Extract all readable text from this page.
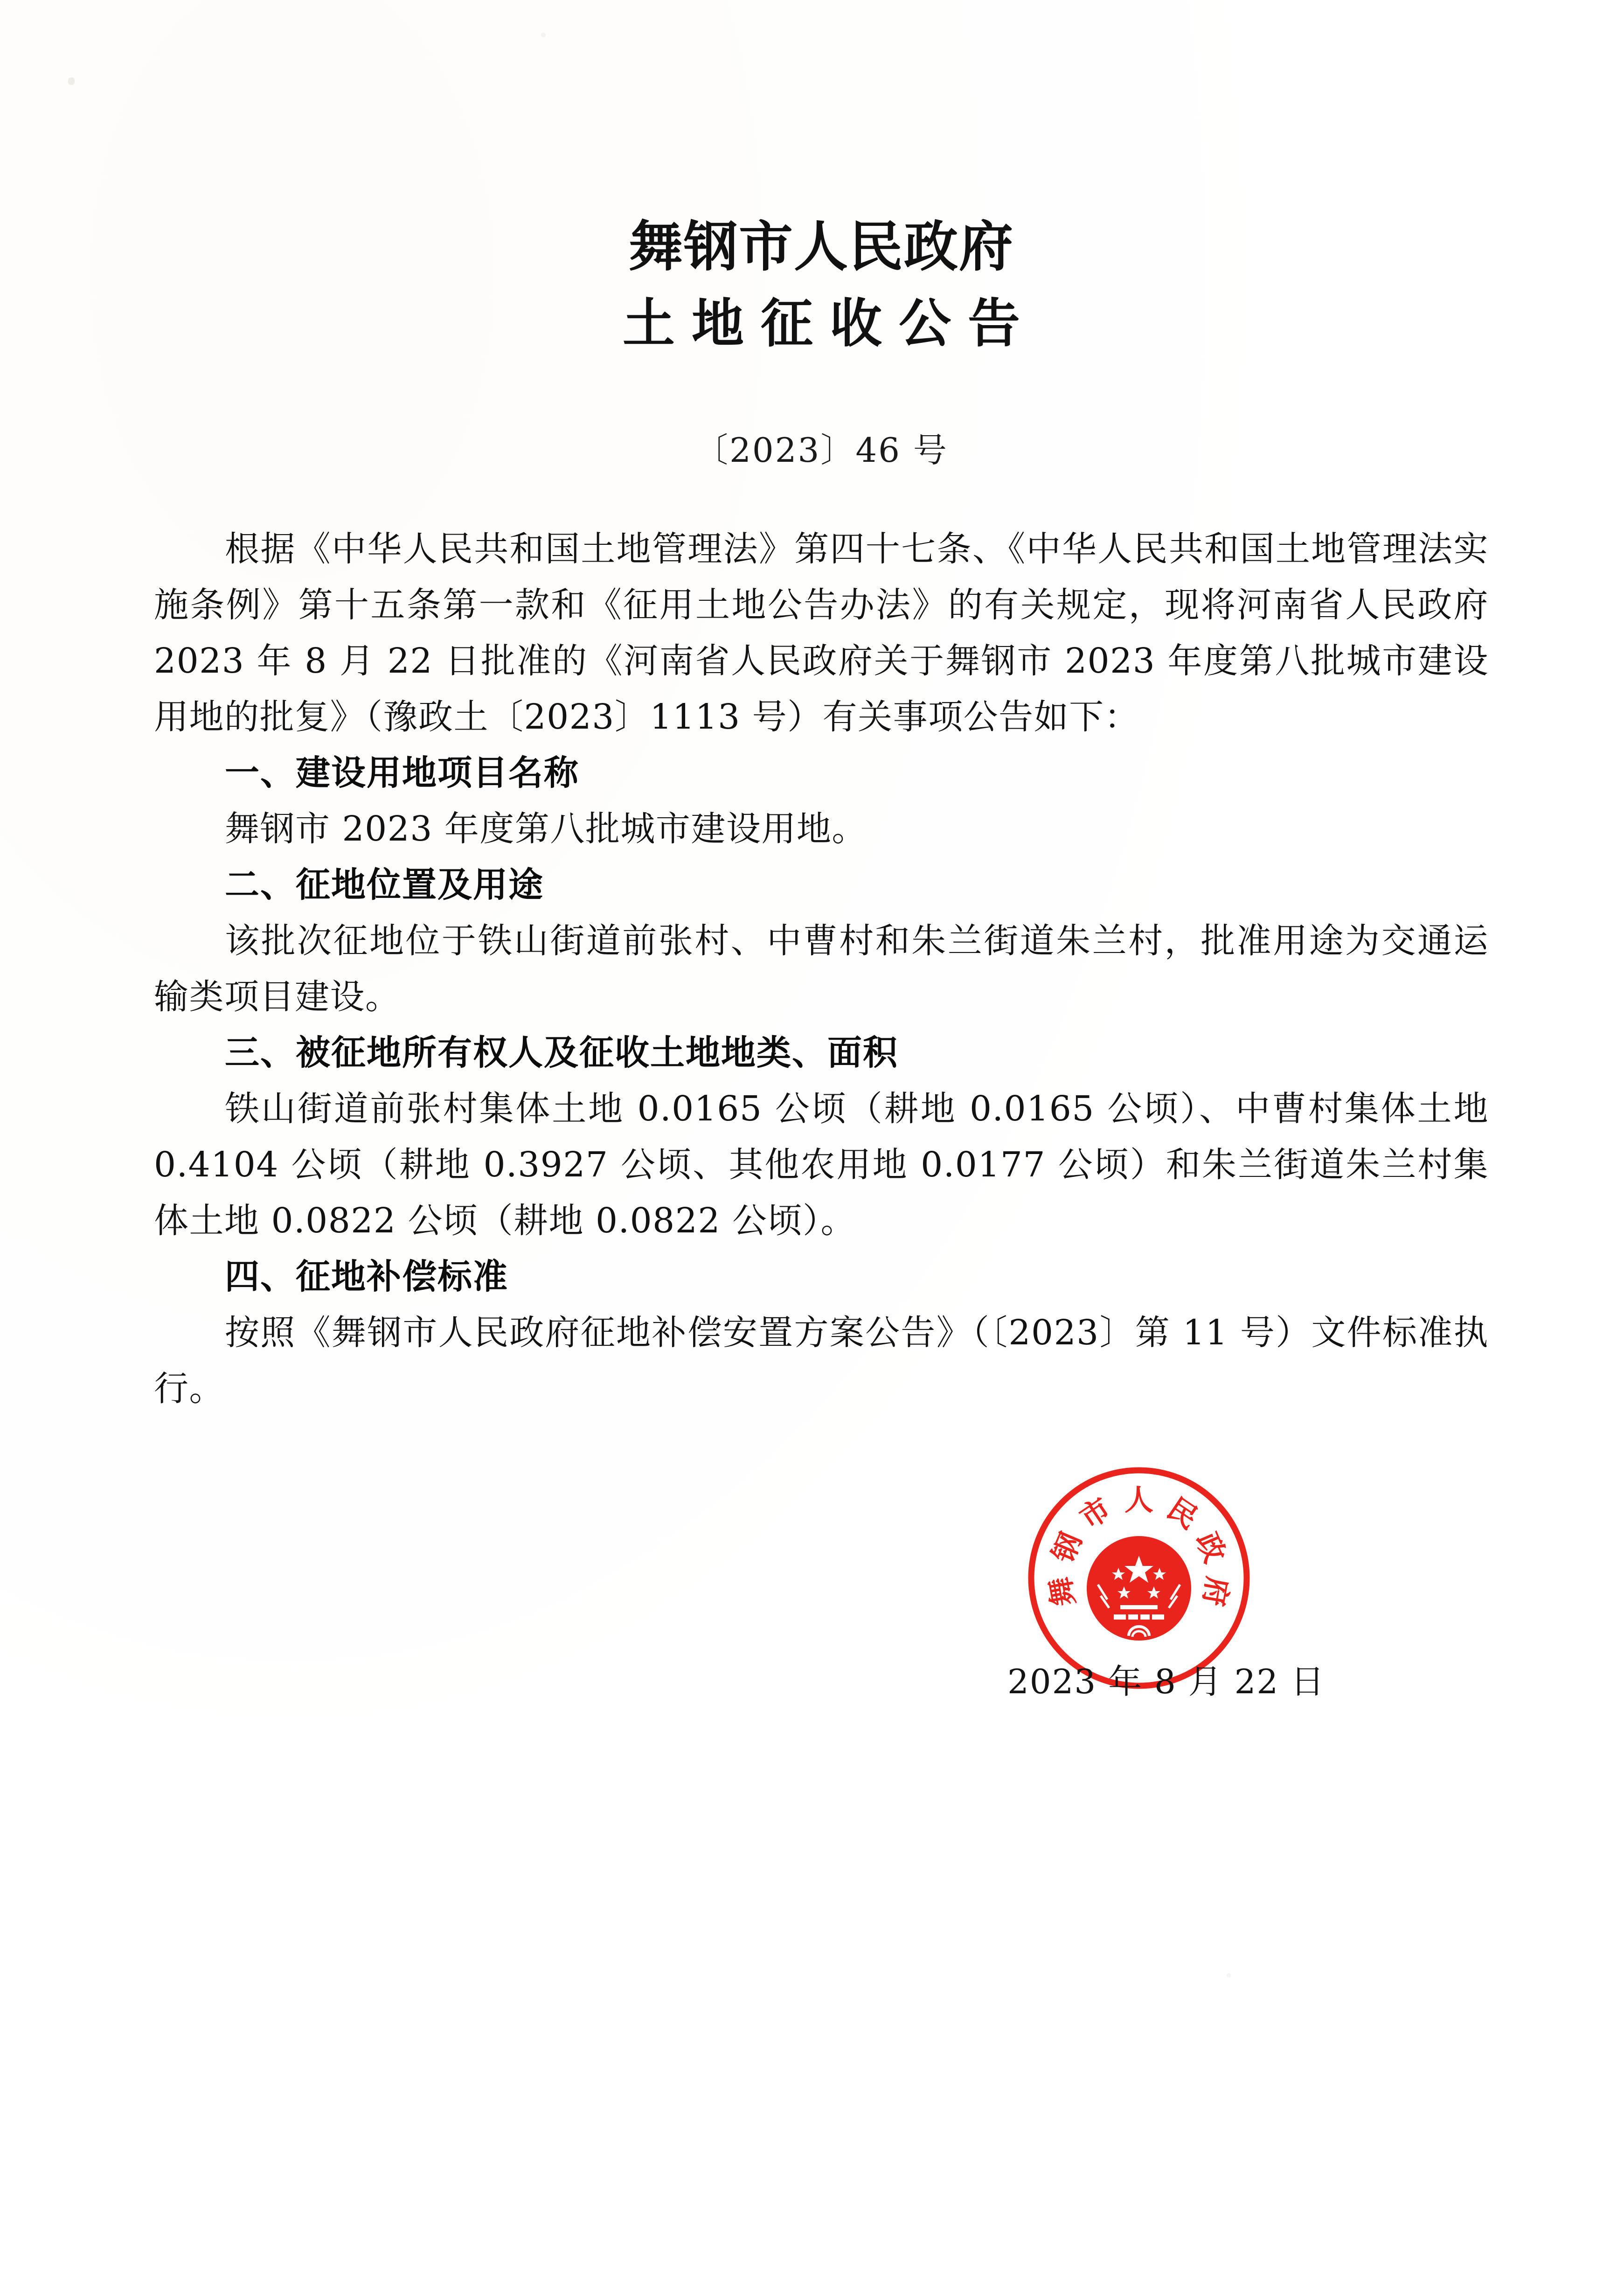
舞钢市人民政府
土地征收公告
〔2023〕46 号

根据《中华人民共和国土地管理法》第四十七条、《中华人民共和国土地管理法实施条例》第十五条第一款和《征用土地公告办法》的有关规定，现将河南省人民政府 2023 年 8 月 22 日批准的《河南省人民政府关于舞钢市 2023 年度第八批城市建设用地的批复》（豫政土〔2023〕1113 号）有关事项公告如下：

一、建设用地项目名称

舞钢市 2023 年度第八批城市建设用地。

二、征地位置及用途

该批次征地位于铁山街道前张村、中曹村和朱兰街道朱兰村，批准用途为交通运输类项目建设。

三、被征地所有权人及征收土地地类、面积

铁山街道前张村集体土地 0.0165 公顷（耕地 0.0165 公顷）、中曹村集体土地 0.4104 公顷（耕地 0.3927 公顷、其他农用地 0.0177 公顷）和朱兰街道朱兰村集体土地 0.0822 公顷（耕地 0.0822 公顷）。

四、征地补偿标准

按照《舞钢市人民政府征地补偿安置方案公告》（〔2023〕第 11 号）文件标准执行。

舞
钢
市 人 民
政
府
2023 年 8 月 22 日
